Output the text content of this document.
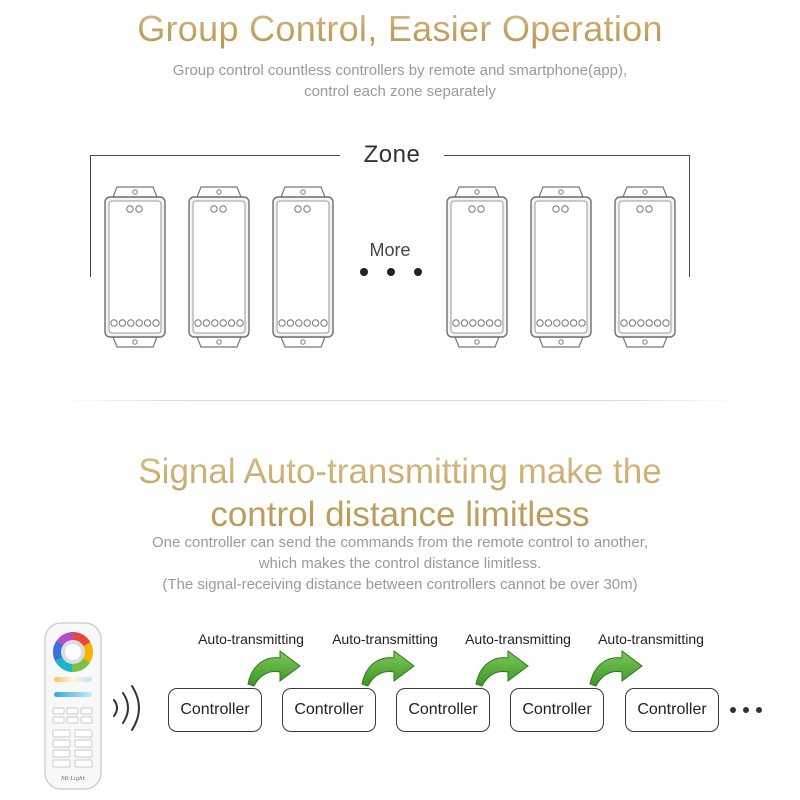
Group Control, Easier Operation
Group control countless controllers by remote and smartphone(app),
control each zone separately
Zone
More
Signal Auto-transmitting make the
control distance limitless
One controller can send the commands from the remote control to another,
which makes the control distance limitless.
(The signal-receiving distance between controllers cannot be over 30m)
Mi·Light
Controller	Controller	Controller	Controller	Controller
Auto-transmitting	Auto-transmitting	Auto-transmitting	Auto-transmitting
